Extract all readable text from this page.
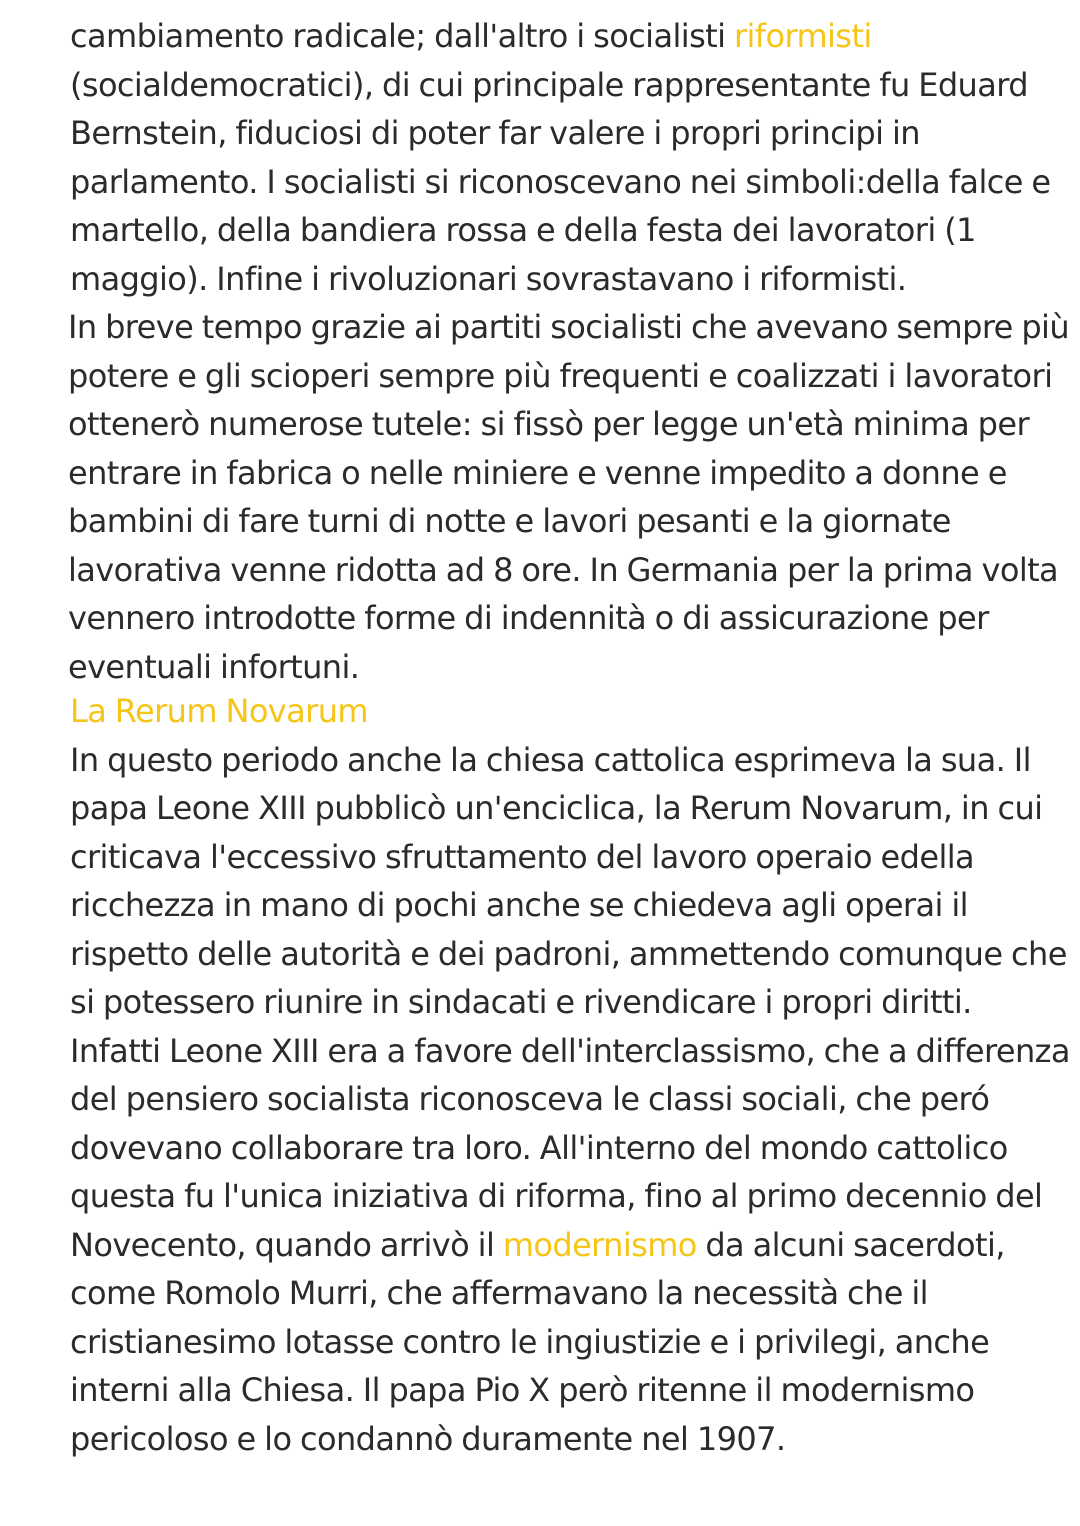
cambiamento radicale; dall'altro i socialisti riformisti (socialdemocratici), di cui principale rappresentante fu Eduard Bernstein, fiduciosi di poter far valere i propri principi in parlamento. I socialisti si riconoscevano nei simboli:della falce e martello, della bandiera rossa e della festa dei lavoratori (1 maggio). Infine i rivoluzionari sovrastavano i riformisti.

In breve tempo grazie ai partiti socialisti che avevano sempre più potere e gli scioperi sempre più frequenti e coalizzati i lavoratori ottenerò numerose tutele: si fissò per legge un'età minima per entrare in fabrica o nelle miniere e venne impedito a donne e bambini di fare turni di notte e lavori pesanti e la giornate lavorativa venne ridotta ad 8 ore. In Germania per la prima volta vennero introdotte forme di indennità o di assicurazione per eventuali infortuni.

La Rerum Novarum

In questo periodo anche la chiesa cattolica esprimeva la sua. Il papa Leone XIII pubblicò un'enciclica, la Rerum Novarum, in cui criticava l'eccessivo sfruttamento del lavoro operaio edella ricchezza in mano di pochi anche se chiedeva agli operai il rispetto delle autorità e dei padroni, ammettendo comunque che si potessero riunire in sindacati e rivendicare i propri diritti. Infatti Leone XIII era a favore dell'interclassismo, che a differenza del pensiero socialista riconosceva le classi sociali, che peró dovevano collaborare tra loro. All'interno del mondo cattolico questa fu l'unica iniziativa di riforma, fino al primo decennio del Novecento, quando arrivò il modernismo da alcuni sacerdoti, come Romolo Murri, che affermavano la necessità che il cristianesimo lotasse contro le ingiustizie e i privilegi, anche interni alla Chiesa. Il papa Pio X però ritenne il modernismo pericoloso e lo condannò duramente nel 1907.
